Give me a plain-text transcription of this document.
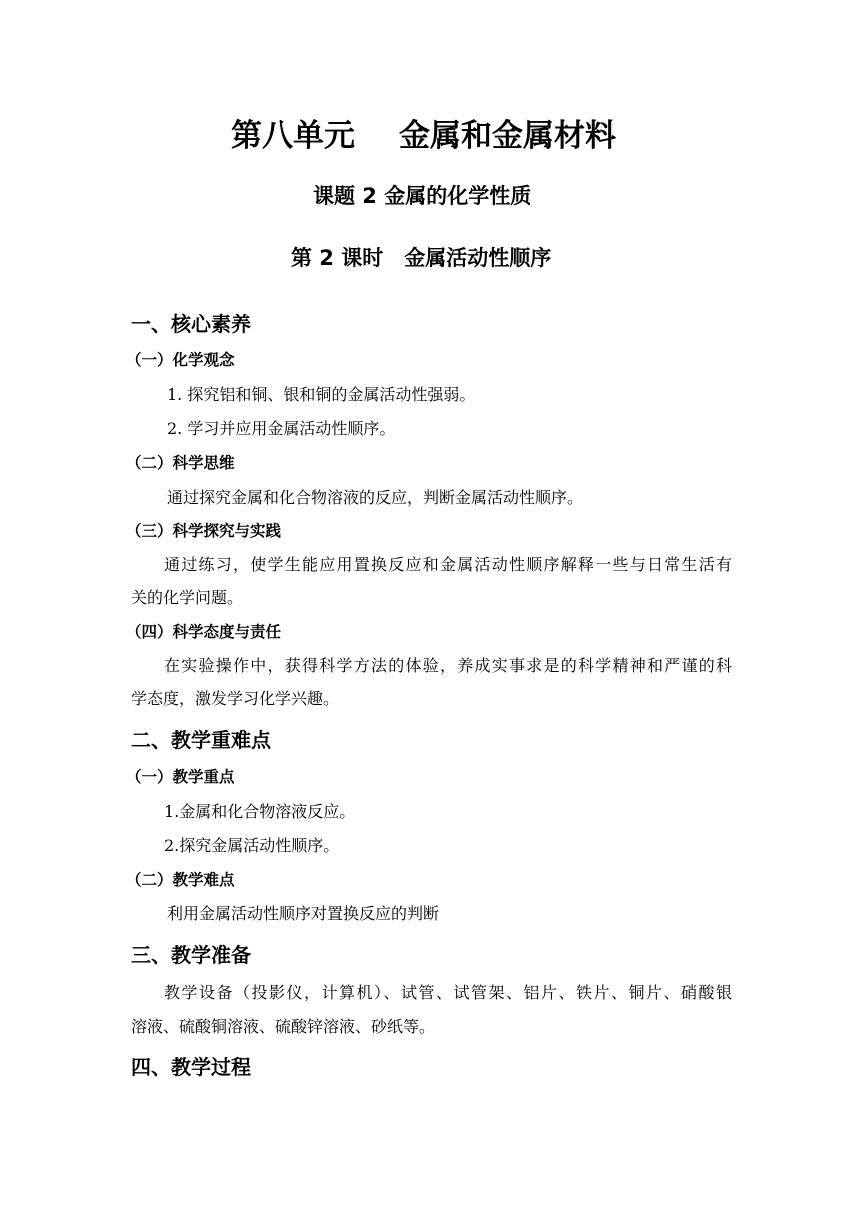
第八单元 金属和金属材料
课题 2 金属的化学性质
第 2 课时　金属活动性顺序
一、核心素养
（一）化学观念
1. 探究铝和铜、银和铜的金属活动性强弱。
2. 学习并应用金属活动性顺序。
（二）科学思维
通过探究金属和化合物溶液的反应，判断金属活动性顺序。
（三）科学探究与实践
通过练习，使学生能应用置换反应和金属活动性顺序解释一些与日常生活有
关的化学问题。
（四）科学态度与责任
在实验操作中，获得科学方法的体验，养成实事求是的科学精神和严谨的科
学态度，激发学习化学兴趣。
二、教学重难点
（一）教学重点
1.金属和化合物溶液反应。
2.探究金属活动性顺序。
（二）教学难点
利用金属活动性顺序对置换反应的判断
三、教学准备
教学设备（投影仪，计算机）、试管、试管架、铝片、铁片、铜片、硝酸银
溶液、硫酸铜溶液、硫酸锌溶液、砂纸等。
四、教学过程
